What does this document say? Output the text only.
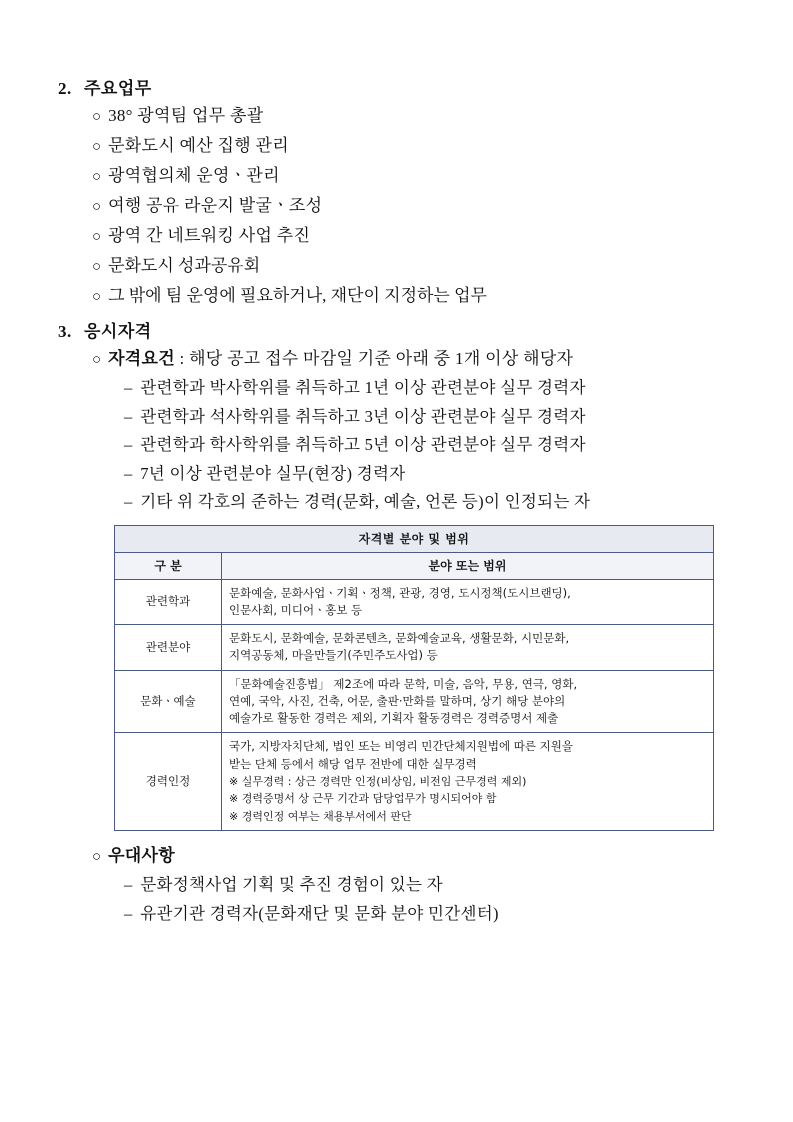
2. 주요업무
○ 38° 광역팀 업무 총괄
○ 문화도시 예산 집행 관리
○ 광역협의체 운영ㆍ관리
○ 여행 공유 라운지 발굴ㆍ조성
○ 광역 간 네트워킹 사업 추진
○ 문화도시 성과공유회
○ 그 밖에 팀 운영에 필요하거나, 재단이 지정하는 업무
3. 응시자격
○ 자격요건 : 해당 공고 접수 마감일 기준 아래 중 1개 이상 해당자
– 관련학과 박사학위를 취득하고 1년 이상 관련분야 실무 경력자
– 관련학과 석사학위를 취득하고 3년 이상 관련분야 실무 경력자
– 관련학과 학사학위를 취득하고 5년 이상 관련분야 실무 경력자
– 7년 이상 관련분야 실무(현장) 경력자
– 기타 위 각호의 준하는 경력(문화, 예술, 언론 등)이 인정되는 자
자격별 분야 및 범위	
구 분	분야 또는 범위
관련학과	문화예술, 문화사업ㆍ기획ㆍ정책, 관광, 경영, 도시정책(도시브랜딩),
인문사회, 미디어ㆍ홍보 등
관련분야	문화도시, 문화예술, 문화콘텐츠, 문화예술교육, 생활문화, 시민문화,
지역공동체, 마을만들기(주민주도사업) 등
문화ㆍ예술	「문화예술진흥법」 제2조에 따라 문학, 미술, 음악, 무용, 연극, 영화,
연예, 국악, 사진, 건축, 어문, 출판·만화를 말하며, 상기 해당 분야의
예술가로 활동한 경력은 제외, 기획자 활동경력은 경력증명서 제출
경력인정	국가, 지방자치단체, 법인 또는 비영리 민간단체지원법에 따른 지원을
받는 단체 등에서 해당 업무 전반에 대한 실무경력
※ 실무경력 : 상근 경력만 인정(비상임, 비전임 근무경력 제외)
※ 경력증명서 상 근무 기간과 담당업무가 명시되어야 함
※ 경력인정 여부는 채용부서에서 판단
○ 우대사항
– 문화정책사업 기획 및 추진 경험이 있는 자
– 유관기관 경력자(문화재단 및 문화 분야 민간센터)
